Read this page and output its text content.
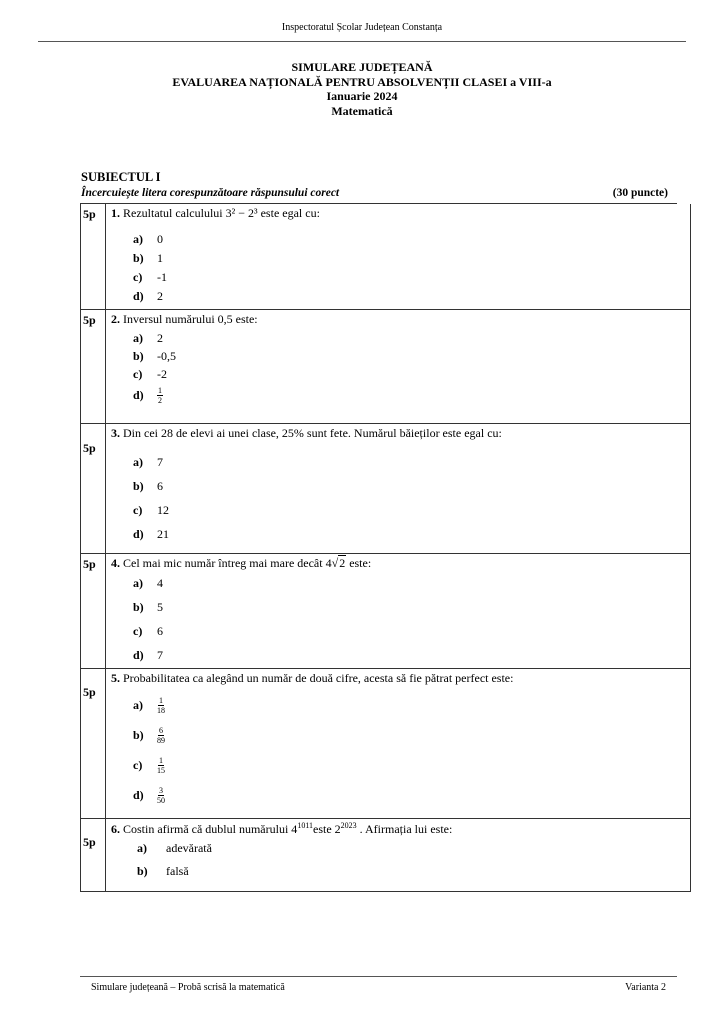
Inspectoratul Școlar Județean Constanța
SIMULARE JUDEȚEANĂ
EVALUAREA NAȚIONALĂ PENTRU ABSOLVENȚII CLASEI a VIII-a
Ianuarie 2024
Matematică
SUBIECTUL I
Încercuiește litera corespunzătoare răspunsului corect	(30 puncte)
5p	1. Rezultatul calculului 3² − 2³ este egal cu:
a)	0
b)	1
c)	-1
d)	2
5p	2. Inversul numărului 0,5 este:
a)	2
b)	-0,5
c)	-2
d)	$\frac{1}{2}$
5p
3. Din cei 28 de elevi ai unei clase, 25% sunt fete. Numărul băieților este egal cu:
a)	7
b)	6
c)	12
d)	21
5p	4. Cel mai mic număr întreg mai mare decât 4√2 este:
a)	4
b)	5
c)	6
d)	7
5p
5. Probabilitatea ca alegând un număr de două cifre, acesta să fie pătrat perfect este:
a)	$\frac{1}{18}$
b)	$\frac{6}{89}$
c)	$\frac{1}{15}$
d)	$\frac{3}{50}$
5p
6. Costin afirmă că dublul numărului $4^{1011}este$ $2^{2023}$ . Afirmația lui este:
a)	adevărată
b)	falsă
Simulare județeană – Probă scrisă la matematică	Varianta 2
